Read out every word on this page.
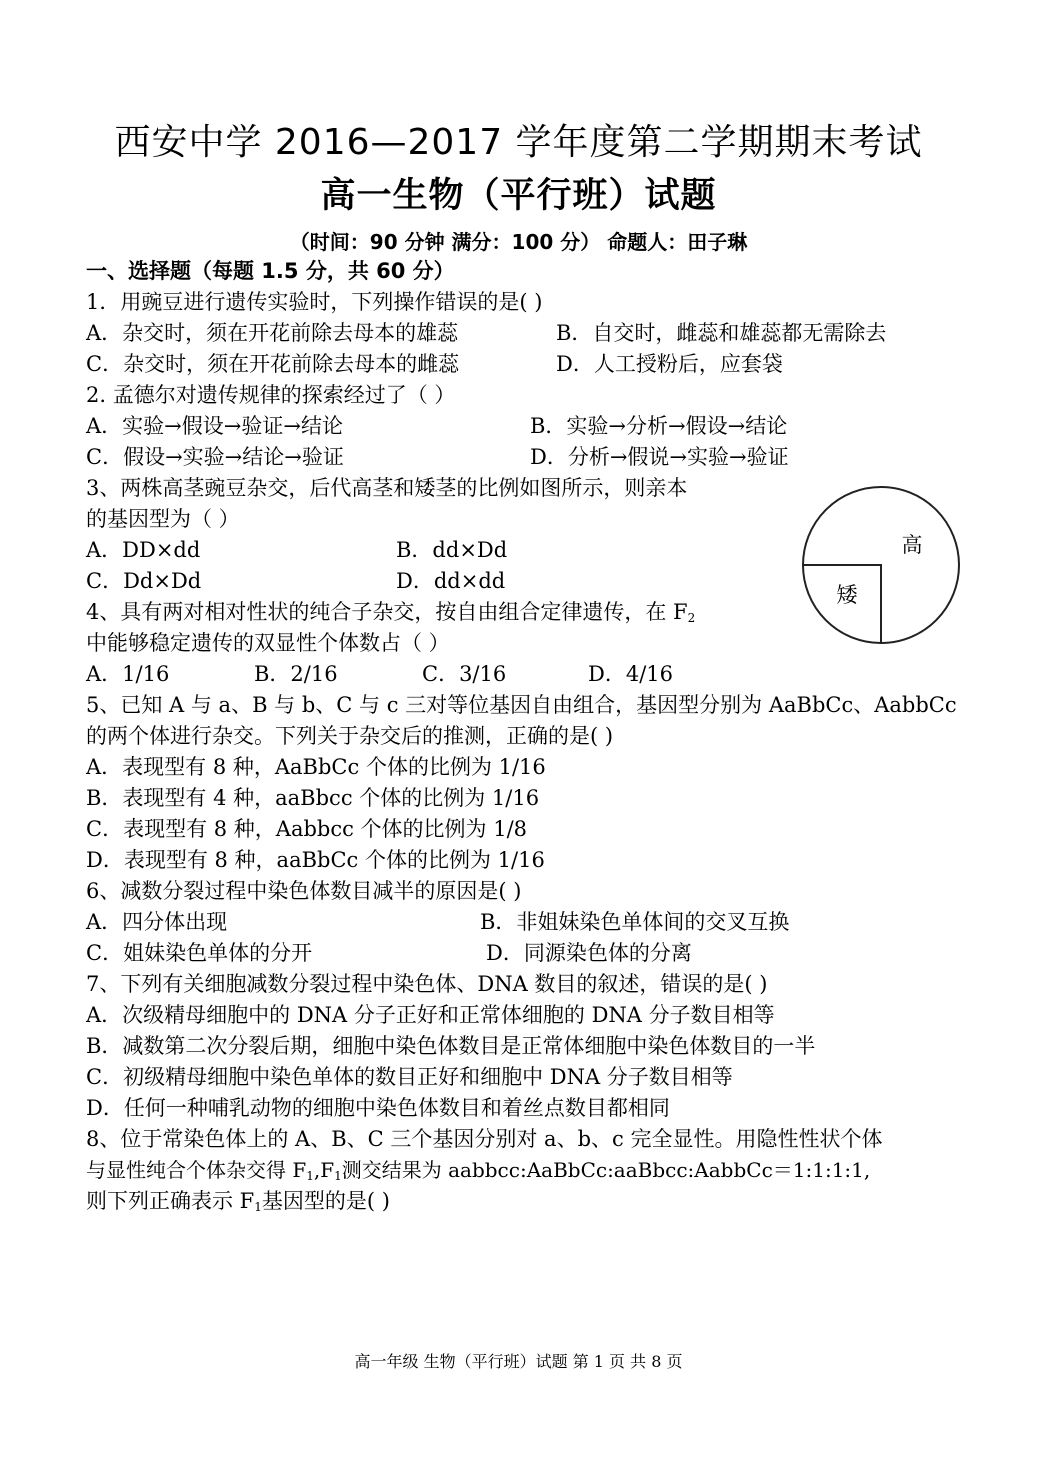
西安中学 2016—2017 学年度第二学期期末考试
高一生物（平行班）试题
（时间：90 分钟 满分：100 分） 命题人：田子琳
一、选择题（每题 1.5 分，共 60 分）
1．用豌豆进行遗传实验时，下列操作错误的是( )
A．杂交时，须在开花前除去母本的雄蕊	B．自交时，雌蕊和雄蕊都无需除去
C．杂交时，须在开花前除去母本的雌蕊	D．人工授粉后，应套袋
2. 孟德尔对遗传规律的探索经过了（ ）
A．实验→假设→验证→结论	B．实验→分析→假设→结论
C．假设→实验→结论→验证	D．分析→假说→实验→验证
3、两株高茎豌豆杂交，后代高茎和矮茎的比例如图所示，则亲本
的基因型为（ ）
A．DD×dd	B．dd×Dd
C．Dd×Dd	D．dd×dd
高
矮
4、具有两对相对性状的纯合子杂交，按自由组合定律遗传，在 $F_2$
中能够稳定遗传的双显性个体数占（ ）
A．1/16	B．2/16	C．3/16	D．4/16
5、已知 A 与 a、B 与 b、C 与 c 三对等位基因自由组合，基因型分别为 AaBbCc、AabbCc
的两个体进行杂交。下列关于杂交后的推测，正确的是( )
A．表现型有 8 种，AaBbCc 个体的比例为 1/16
B．表现型有 4 种，aaBbcc 个体的比例为 1/16
C．表现型有 8 种，Aabbcc 个体的比例为 1/8
D．表现型有 8 种，aaBbCc 个体的比例为 1/16
6、减数分裂过程中染色体数目减半的原因是( )
A．四分体出现	B．非姐妹染色单体间的交叉互换
C．姐妹染色单体的分开	D．同源染色体的分离
7、下列有关细胞减数分裂过程中染色体、DNA 数目的叙述，错误的是( )
A．次级精母细胞中的 DNA 分子正好和正常体细胞的 DNA 分子数目相等
B．减数第二次分裂后期，细胞中染色体数目是正常体细胞中染色体数目的一半
C．初级精母细胞中染色单体的数目正好和细胞中 DNA 分子数目相等
D．任何一种哺乳动物的细胞中染色体数目和着丝点数目都相同
8、位于常染色体上的 A、B、C 三个基因分别对 a、b、c 完全显性。用隐性性状个体
与显性纯合个体杂交得 $F_1,F_1$测交结果为 aabbcc:AaBbCc:aaBbcc:AabbCc＝1:1:1:1,
则下列正确表示 $F_1$基因型的是( )
高一年级 生物（平行班）试题 第 1 页 共 8 页
